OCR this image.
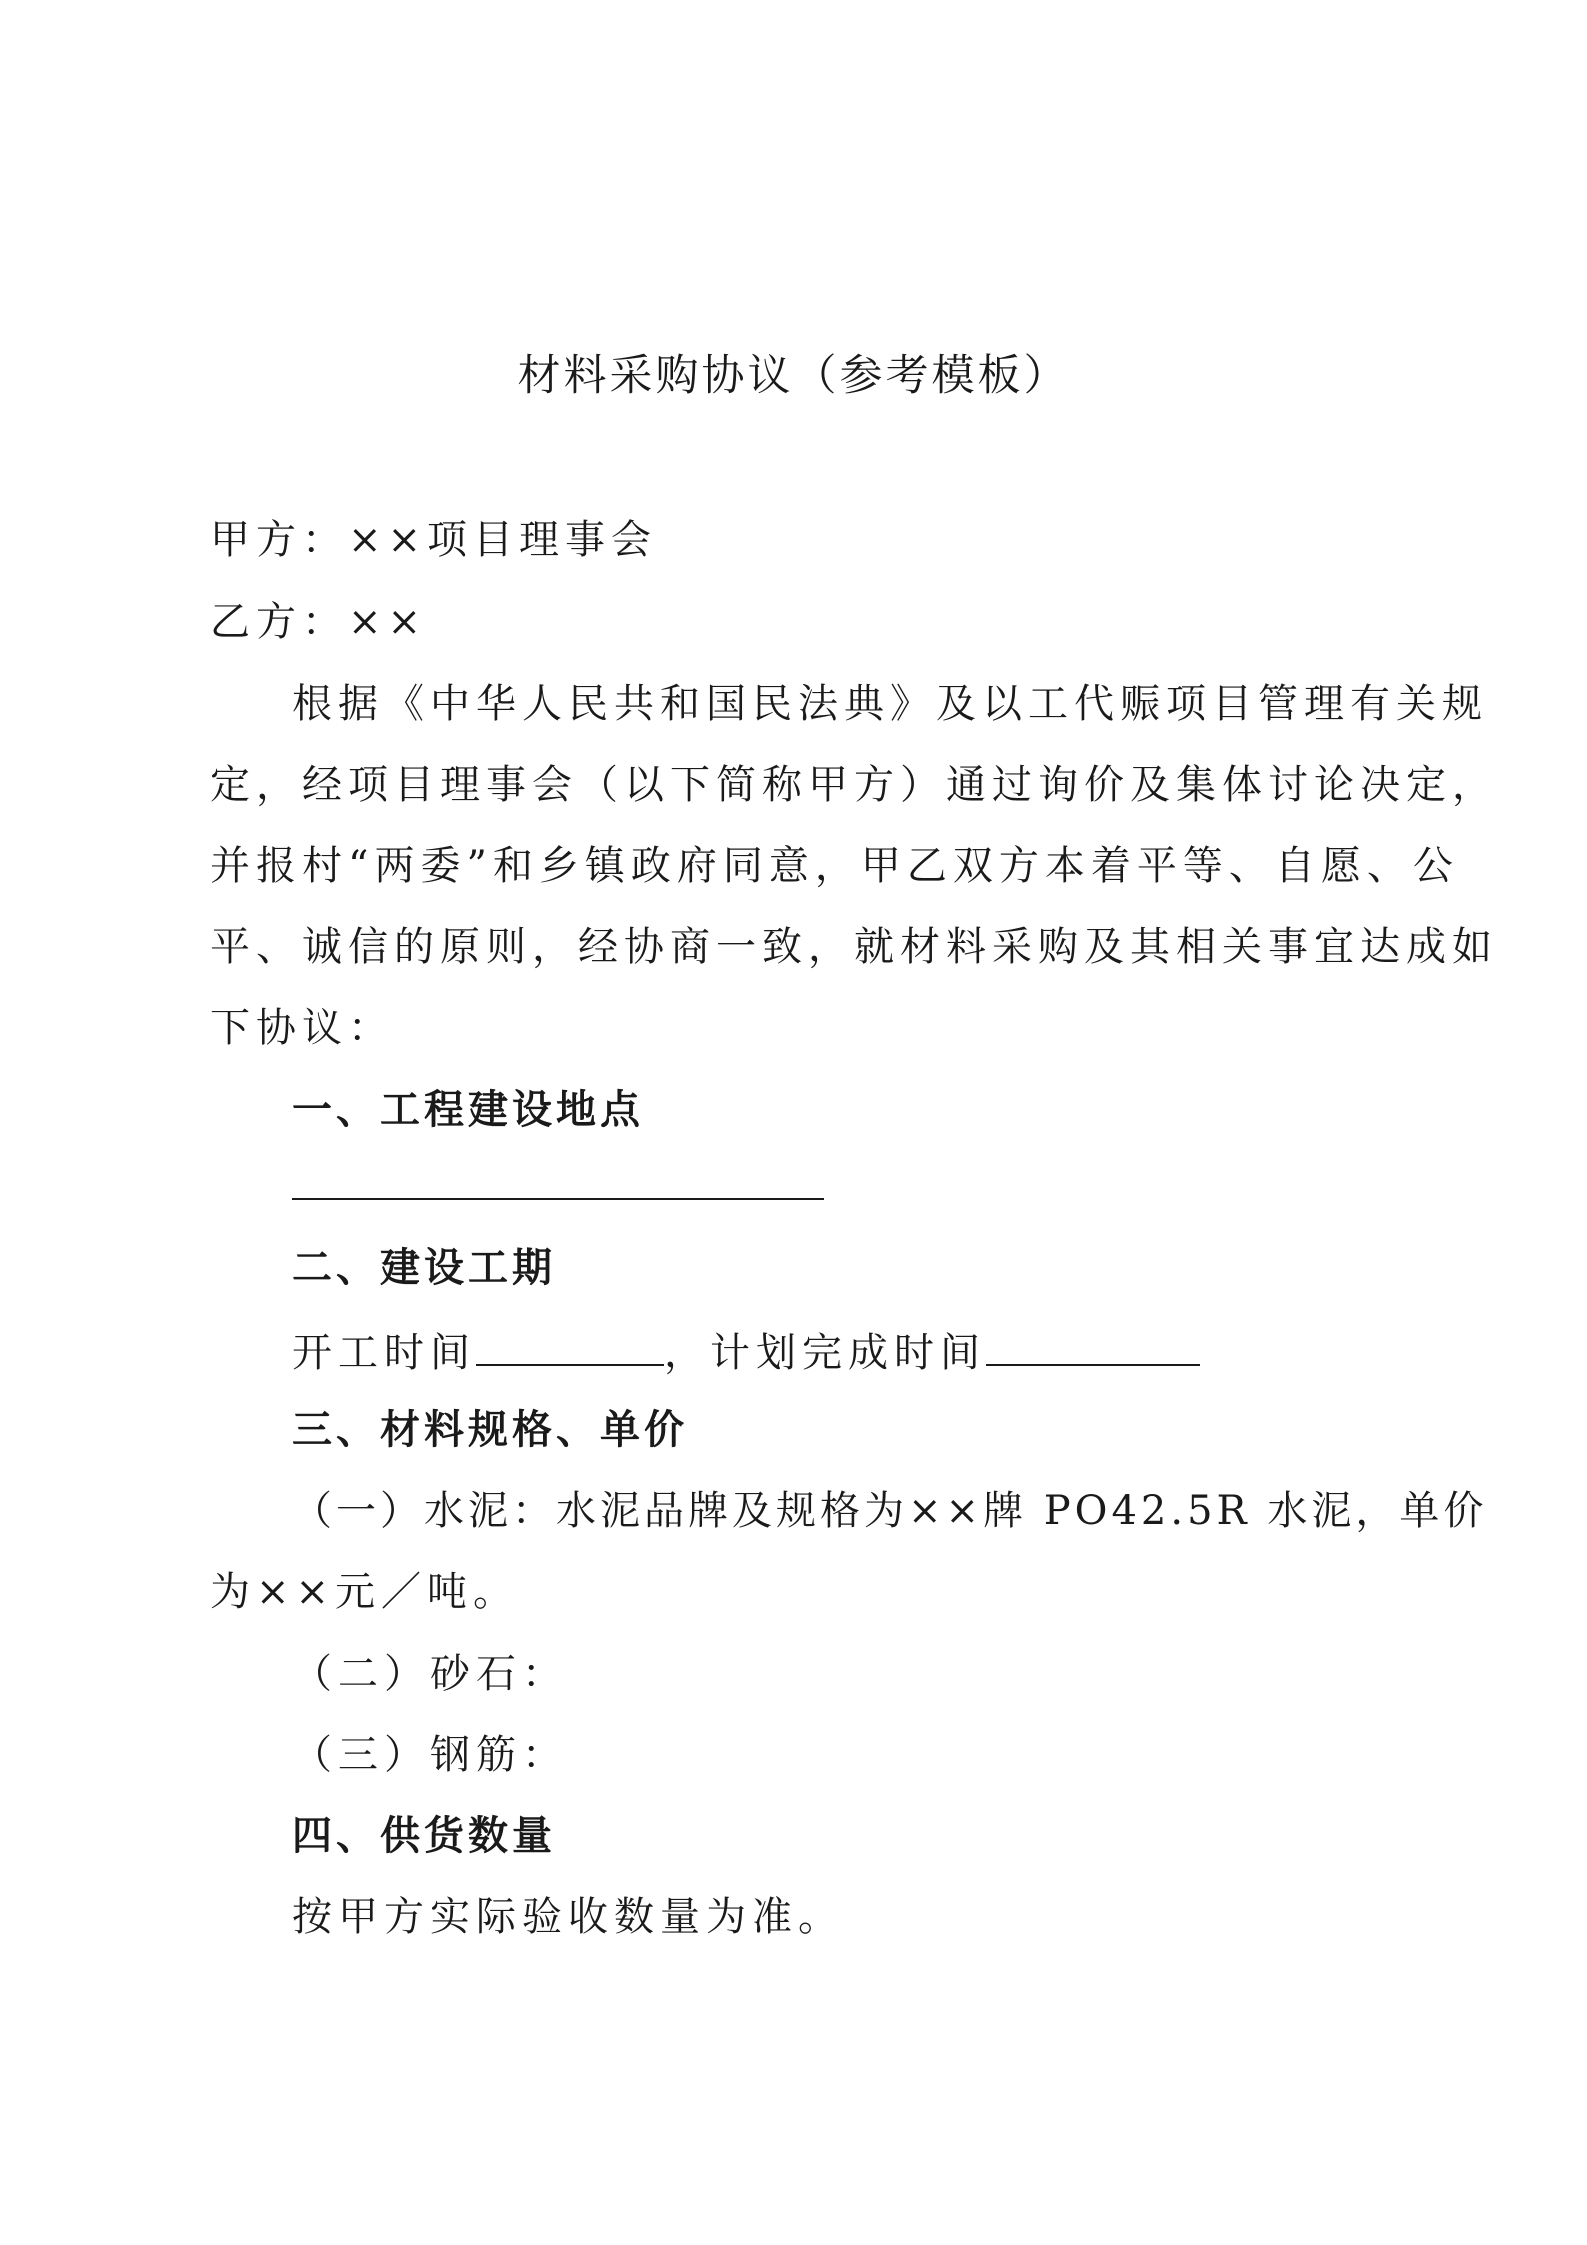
材料采购协议（参考模板）
甲方：××项目理事会
乙方：××
根据《中华人民共和国民法典》及以工代赈项目管理有关规
定，经项目理事会（以下简称甲方）通过询价及集体讨论决定，
并报村“两委”和乡镇政府同意，甲乙双方本着平等、自愿、公
平、诚信的原则，经协商一致，就材料采购及其相关事宜达成如
下协议：
一、工程建设地点
二、建设工期
开工时间	，计划完成时间
三、材料规格、单价
（一）水泥：水泥品牌及规格为××牌 PO42.5R 水泥，单价
为××元／吨。
（二）砂石：
（三）钢筋：
四、供货数量
按甲方实际验收数量为准。
